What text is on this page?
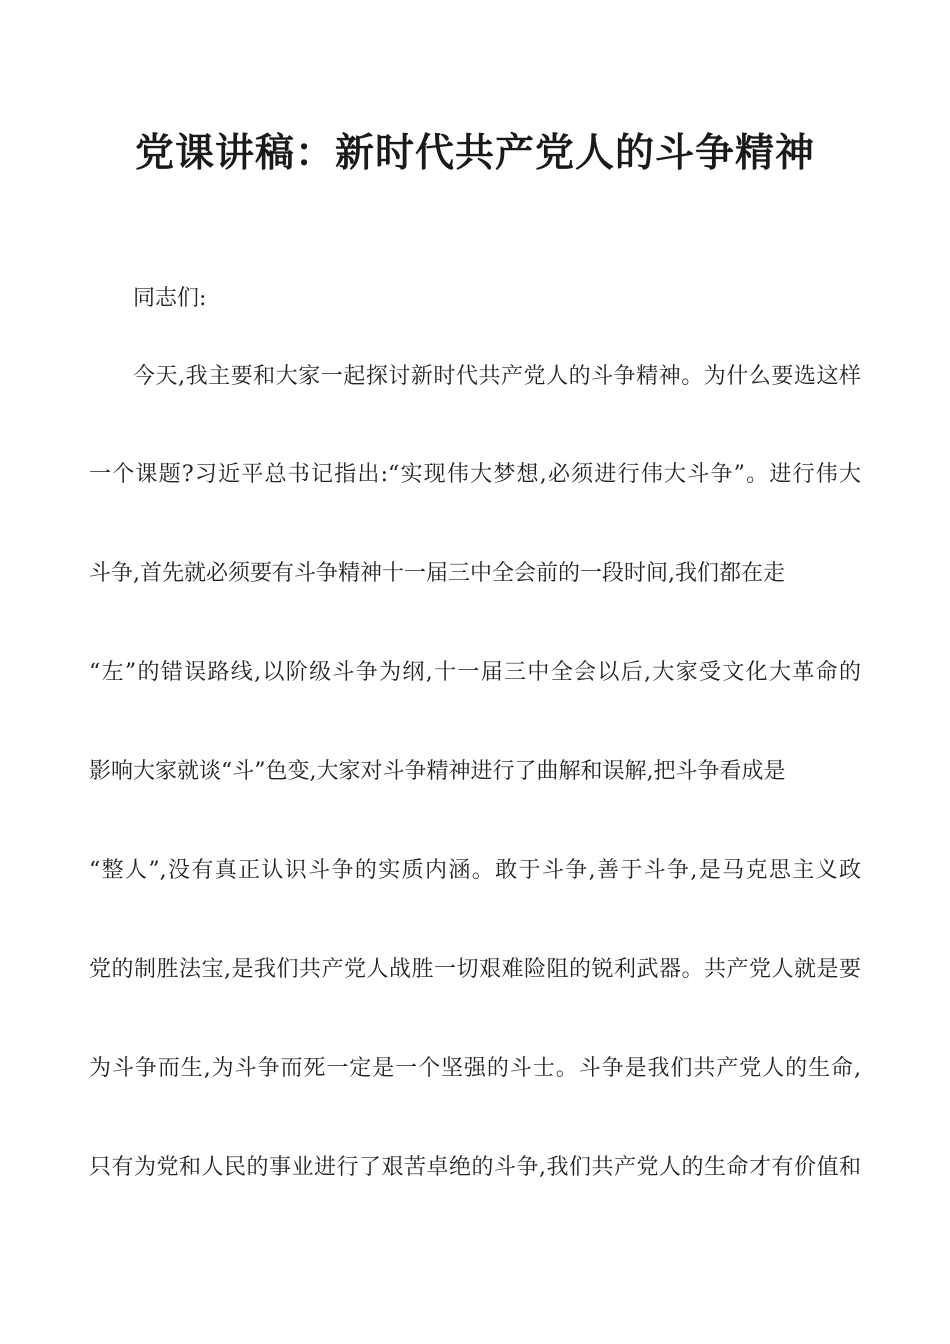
党课讲稿：新时代共产党人的斗争精神
同志们:
今天,我主要和大家一起探讨新时代共产党人的斗争精神。为什么要选这样
一个课题?习近平总书记指出:“实现伟大梦想,必须进行伟大斗争”。进行伟大
斗争,首先就必须要有斗争精神十一届三中全会前的一段时间,我们都在走
“左”的错误路线,以阶级斗争为纲,十一届三中全会以后,大家受文化大革命的
影响大家就谈“斗”色变,大家对斗争精神进行了曲解和误解,把斗争看成是
“整人”,没有真正认识斗争的实质内涵。敢于斗争,善于斗争,是马克思主义政
党的制胜法宝,是我们共产党人战胜一切艰难险阻的锐利武器。共产党人就是要
为斗争而生,为斗争而死一定是一个坚强的斗士。斗争是我们共产党人的生命,
只有为党和人民的事业进行了艰苦卓绝的斗争,我们共产党人的生命才有价值和
